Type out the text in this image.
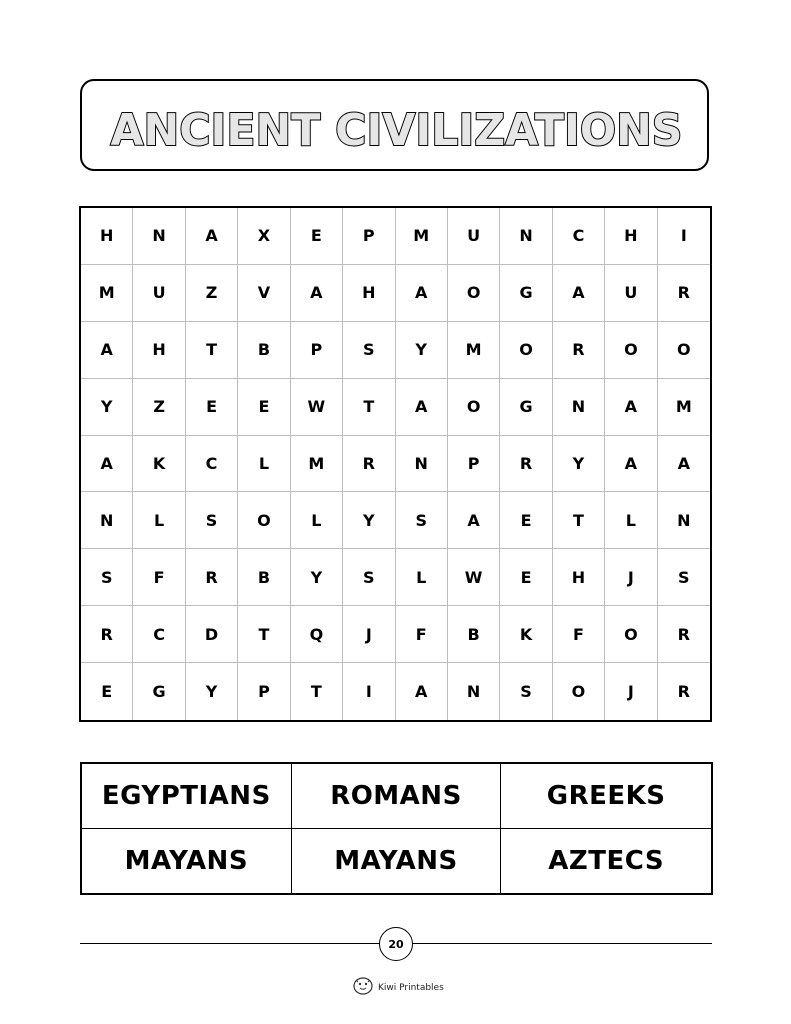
ANCIENT CIVILIZATIONS
H	N	A	X	E	P	M	U	N	C	H	I
M	U	Z	V	A	H	A	O	G	A	U	R
A	H	T	B	P	S	Y	M	O	R	O	O
Y	Z	E	E	W	T	A	O	G	N	A	M
A	K	C	L	M	R	N	P	R	Y	A	A
N	L	S	O	L	Y	S	A	E	T	L	N
S	F	R	B	Y	S	L	W	E	H	J	S
R	C	D	T	Q	J	F	B	K	F	O	R
E	G	Y	P	T	I	A	N	S	O	J	R
EGYPTIANS	ROMANS	GREEKS
MAYANS	MAYANS	AZTECS
20
Kiwi Printables
